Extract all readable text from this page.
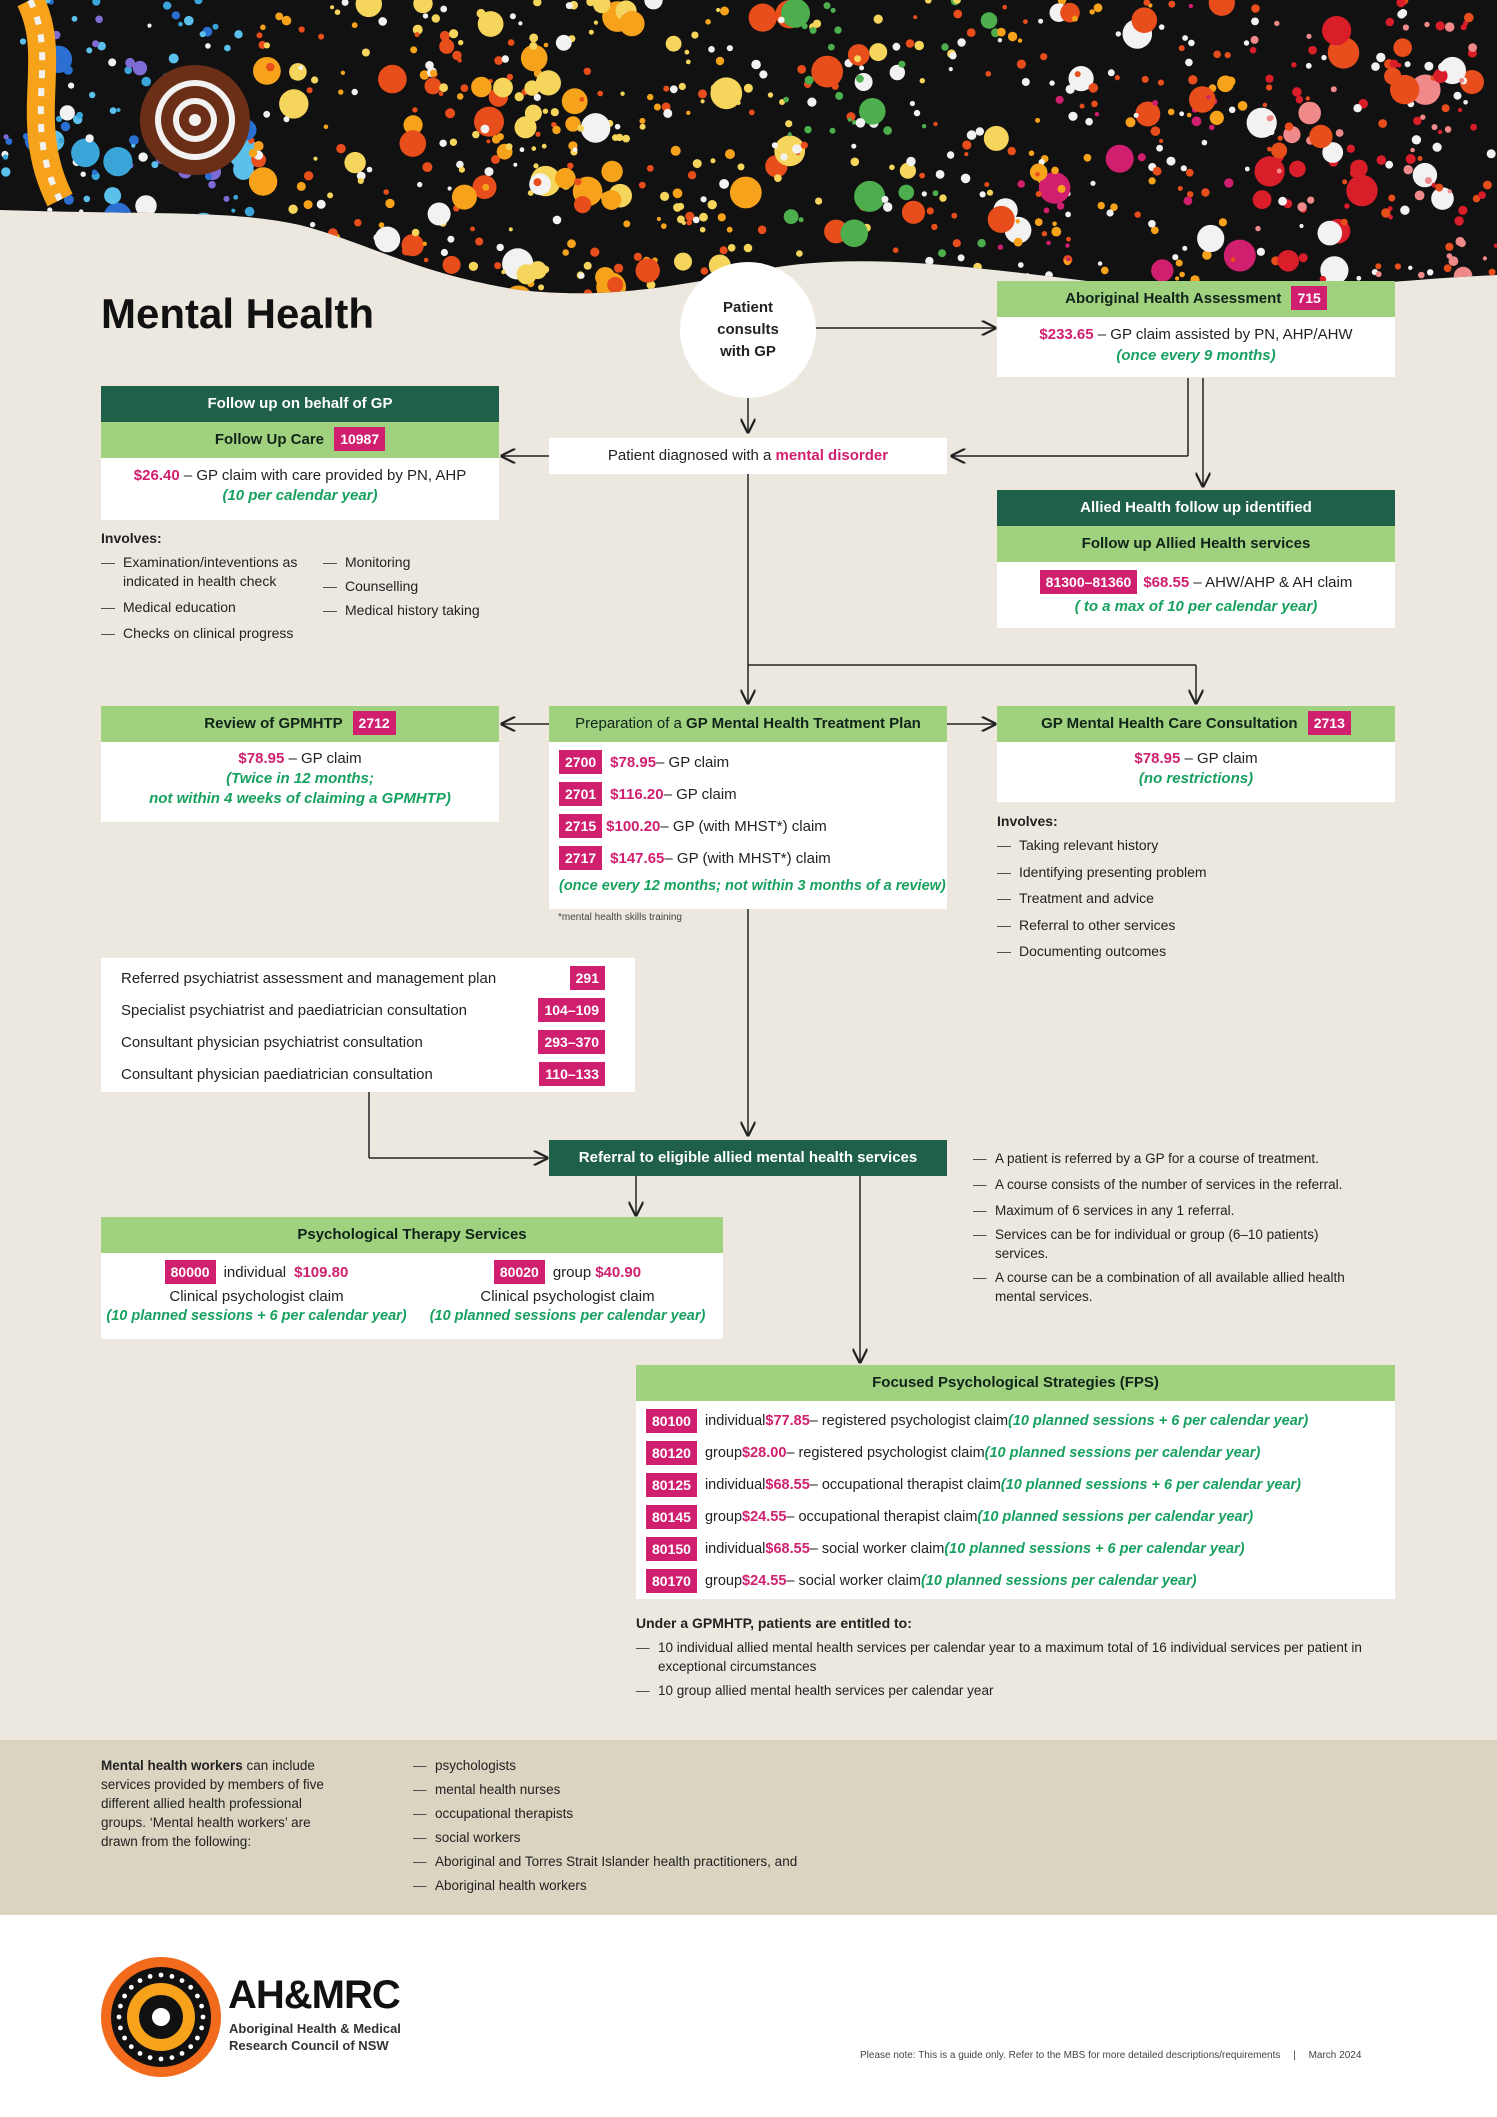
Mental Health	Patient consults with GP
Aboriginal Health Assessment 715
$233.65 – GP claim assisted by PN, AHP/AHW
(once every 9 months)
Patient diagnosed with a mental disorder
Follow up on behalf of GP
Follow Up Care 10987
$26.40 – GP claim with care provided by PN, AHP
(10 per calendar year)
Involves:
— Examination/inteventions as indicated in health check
— Medical education
— Checks on clinical progress
— Monitoring
— Counselling
— Medical history taking
Allied Health follow up identified
Follow up Allied Health services
81300–81360 $68.55 – AHW/AHP & AH claim
( to a max of 10 per calendar year)
Review of GPMHTP 2712
$78.95 – GP claim
(Twice in 12 months;
not within 4 weeks of claiming a GPMHTP)
Preparation of a GP Mental Health Treatment Plan
2700 $78.95 – GP claim
2701 $116.20 – GP claim
2715 $100.20 – GP (with MHST*) claim
2717 $147.65 – GP (with MHST*) claim
(once every 12 months; not within 3 months of a review)
*mental health skills training
GP Mental Health Care Consultation 2713
$78.95 – GP claim
(no restrictions)
Involves:
— Taking relevant history
— Identifying presenting problem
— Treatment and advice
— Referral to other services
— Documenting outcomes
Referred psychiatrist assessment and management plan	291
Specialist psychiatrist and paediatrician consultation	104–109
Consultant physician psychiatrist consultation	293–370
Consultant physician paediatrician consultation	110–133
Referral to eligible allied mental health services
—	A patient is referred by a GP for a course of treatment.
— A course consists of the number of services in the referral.
— Maximum of 6 services in any 1 referral.
— Services can be for individual or group (6–10 patients) services.
— A course can be a combination of all available allied health mental services.
Psychological Therapy Services
80000 individual $109.80
Clinical psychologist claim
(10 planned sessions + 6 per calendar year)
80020 group $40.90
Clinical psychologist claim
(10 planned sessions per calendar year)
Focused Psychological Strategies (FPS)
80100 individual $77.85 – registered psychologist claim (10 planned sessions + 6 per calendar year)
80120 group $28.00 – registered psychologist claim (10 planned sessions per calendar year)
80125 individual $68.55 – occupational therapist claim (10 planned sessions + 6 per calendar year)
80145 group $24.55 – occupational therapist claim (10 planned sessions per calendar year)
80150 individual $68.55 – social worker claim (10 planned sessions + 6 per calendar year)
80170 group $24.55 – social worker claim (10 planned sessions per calendar year)
Under a GPMHTP, patients are entitled to:
— 10 individual allied mental health services per calendar year to a maximum total of 16 individual services per patient in exceptional circumstances
— 10 group allied mental health services per calendar year
Mental health workers can include services provided by members of five different allied health professional groups. ‘Mental health workers’ are drawn from the following:
— psychologists
— mental health nurses
— occupational therapists
— social workers
— Aboriginal and Torres Strait Islander health practitioners, and
— Aboriginal health workers
AH&MRC
Aboriginal Health & Medical
Research Council of NSW
Please note: This is a guide only. Refer to the MBS for more detailed descriptions/requirements | March 2024
